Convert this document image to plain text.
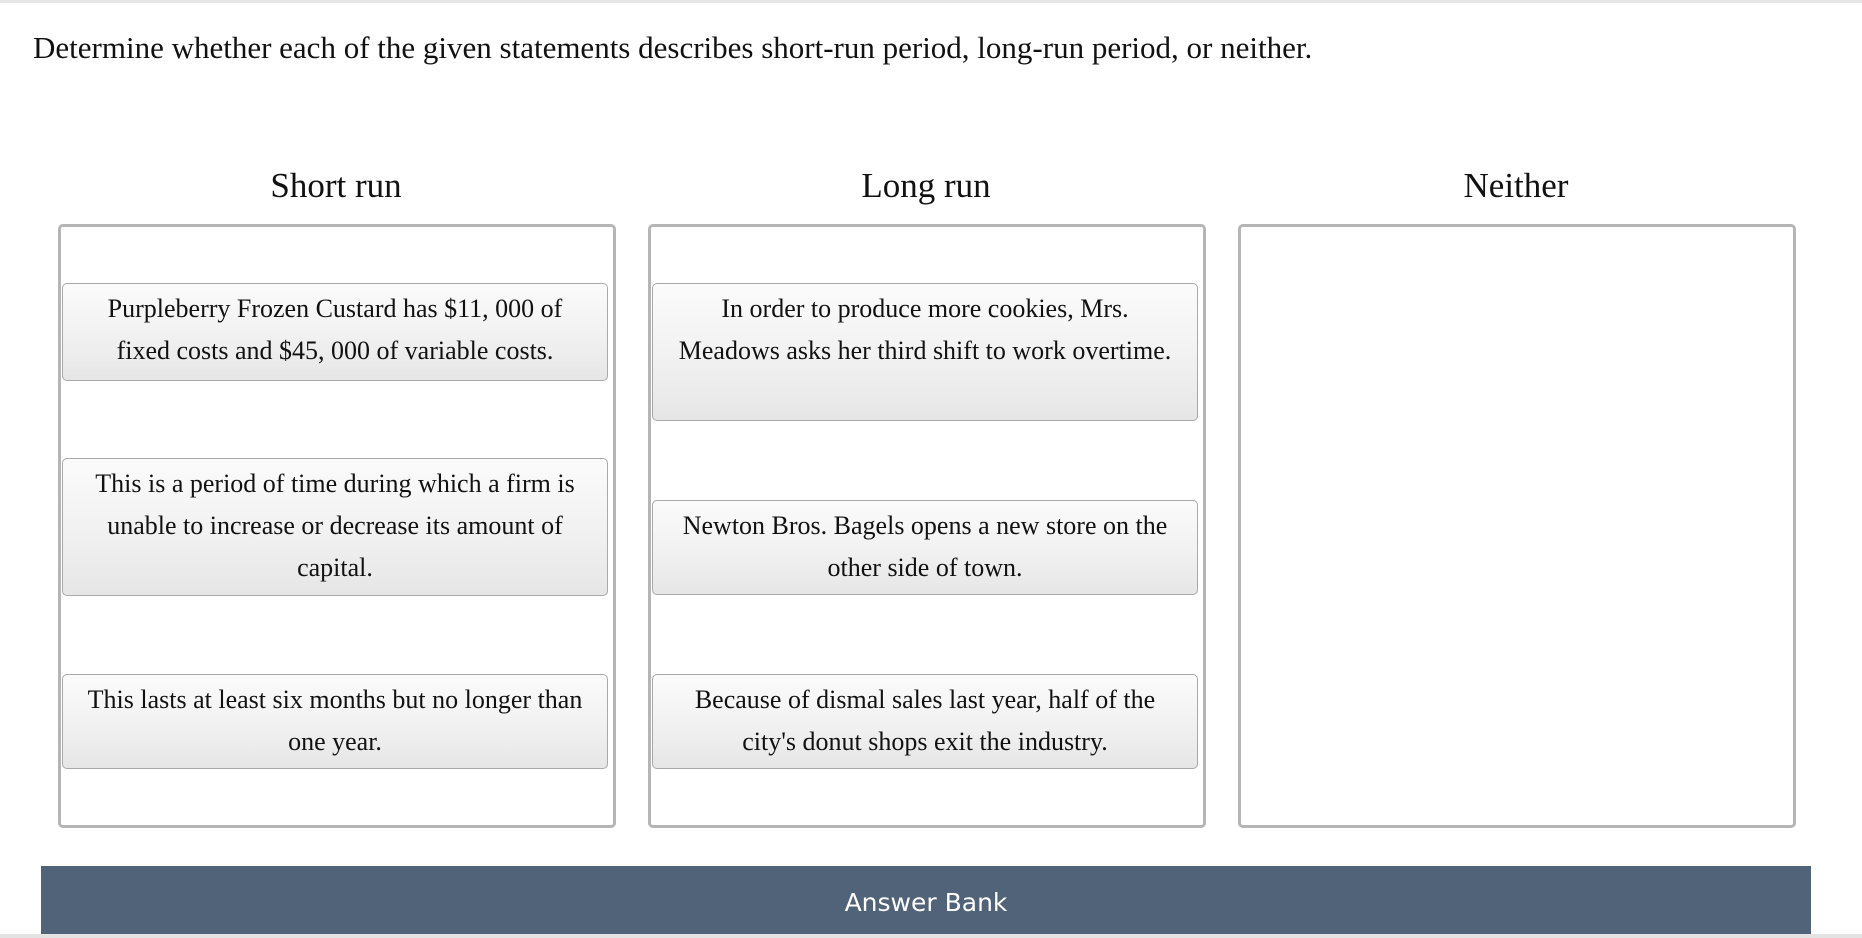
Determine whether each of the given statements describes short-run period, long-run period, or neither.
Short run
Purpleberry Frozen Custard has $11, 000 of fixed costs and $45, 000 of variable costs.
This is a period of time during which a firm is unable to increase or decrease its amount of capital.
This lasts at least six months but no longer than one year.
Long run
In order to produce more cookies, Mrs. Meadows asks her third shift to work overtime.
Newton Bros. Bagels opens a new store on the other side of town.
Because of dismal sales last year, half of the city's donut shops exit the industry.
Neither
Answer Bank
